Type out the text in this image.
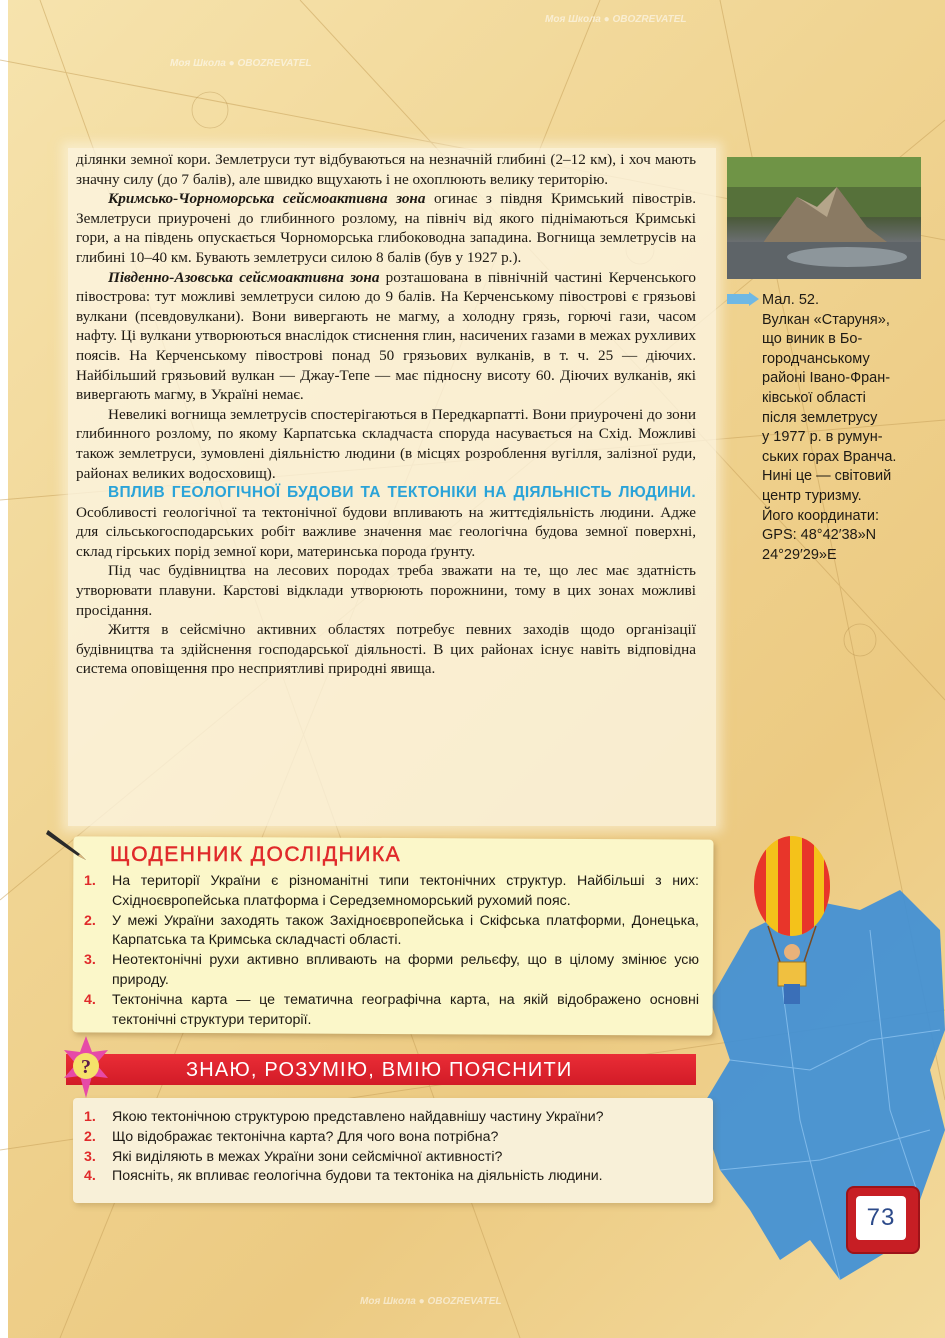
ділянки земної кори. Землетруси тут відбуваються на незначній глибині (2–12 км), і хоч мають значну силу (до 7 балів), але швидко вщухають і не охоплюють велику територію.

Кримсько-Чорноморська сейсмоактивна зона огинає з півдня Кримський півострів. Землетруси приурочені до глибинного розлому, на північ від якого піднімаються Кримські гори, а на південь опускається Чорноморська глибоководна западина. Вогнища землетрусів на глибині 10–40 км. Бувають землетруси силою 8 балів (був у 1927 р.).

Південно-Азовська сейсмоактивна зона розташована в північній частині Керченського півострова: тут можливі землетруси силою до 9 балів. На Керченському півострові є грязьові вулкани (псевдовулкани). Вони вивергають не магму, а холодну грязь, горючі гази, часом нафту. Ці вулкани утворюються внаслідок стиснення глин, насичених газами в межах рухливих поясів. На Керченському півострові понад 50 грязьових вулканів, в т. ч. 25 — діючих. Найбільший грязьовий вулкан — Джау-Тепе — має підносну висоту 60. Діючих вулканів, які вивергають магму, в Україні немає.

Невеликі вогнища землетрусів спостерігаються в Передкарпатті. Вони приурочені до зони глибинного розлому, по якому Карпатська складчаста споруда насувається на Схід. Можливі також землетруси, зумовлені діяльністю людини (в місцях розроблення вугілля, залізної руди, районах великих водосховищ).

ВПЛИВ ГЕОЛОГІЧНОЇ БУДОВИ ТА ТЕКТОНІКИ НА ДІЯЛЬНІСТЬ ЛЮДИНИ. Особливості геологічної та тектонічної будови впливають на життєдіяльність людини. Адже для сільськогосподарських робіт важливе значення має геологічна будова земної поверхні, склад гірських порід земної кори, материнська порода ґрунту.

Під час будівництва на лесових породах треба зважати на те, що лес має здатність утворювати плавуни. Карстові відклади утворюють порожнини, тому в цих зонах можливі просідання.

Життя в сейсмічно активних областях потребує певних заходів щодо організації будівництва та здійснення господарської діяльності. В цих районах існує навіть відповідна система оповіщення про несприятливі природні явища.

Мал. 52.
Вулкан «Старуня»,
що виник в Бо-
городчанському
районі Івано-Фран-
ківської області
після землетрусу
у 1977 р. в румун-
ських горах Вранча.
Нині це — світовий
центр туризму.
Його координати:
GPS: 48°42′38»N
24°29′29»E
ЩОДЕННИК ДОСЛІДНИКА
1.	На території України є різноманітні типи тектонічних структур. Найбільші з них: Східноєвропейська платформа і Середземноморський рухомий пояс.
2.	У межі України заходять також Західноєвропейська і Скіфська платформи, Донецька, Карпатська та Кримська складчасті області.
3.	Неотектонічні рухи активно впливають на форми рельєфу, що в цілому змінює усю природу.
4.	Тектонічна карта — це тематична географічна карта, на якій відображено основні тектонічні структури території.
?	ЗНАЮ, РОЗУМІЮ, ВМІЮ ПОЯСНИТИ
1.	Якою тектонічною структурою представлено найдавнішу частину України?
2.	Що відображає тектонічна карта? Для чого вона потрібна?
3.	Які виділяють в межах України зони сейсмічної активності?
4.	Поясніть, як впливає геологічна будови та тектоніка на діяльність людини.
73
Моя Школа ● OBOZREVATEL
Моя Школа ● OBOZREVATEL
Моя Школа ● OBOZREVATEL
